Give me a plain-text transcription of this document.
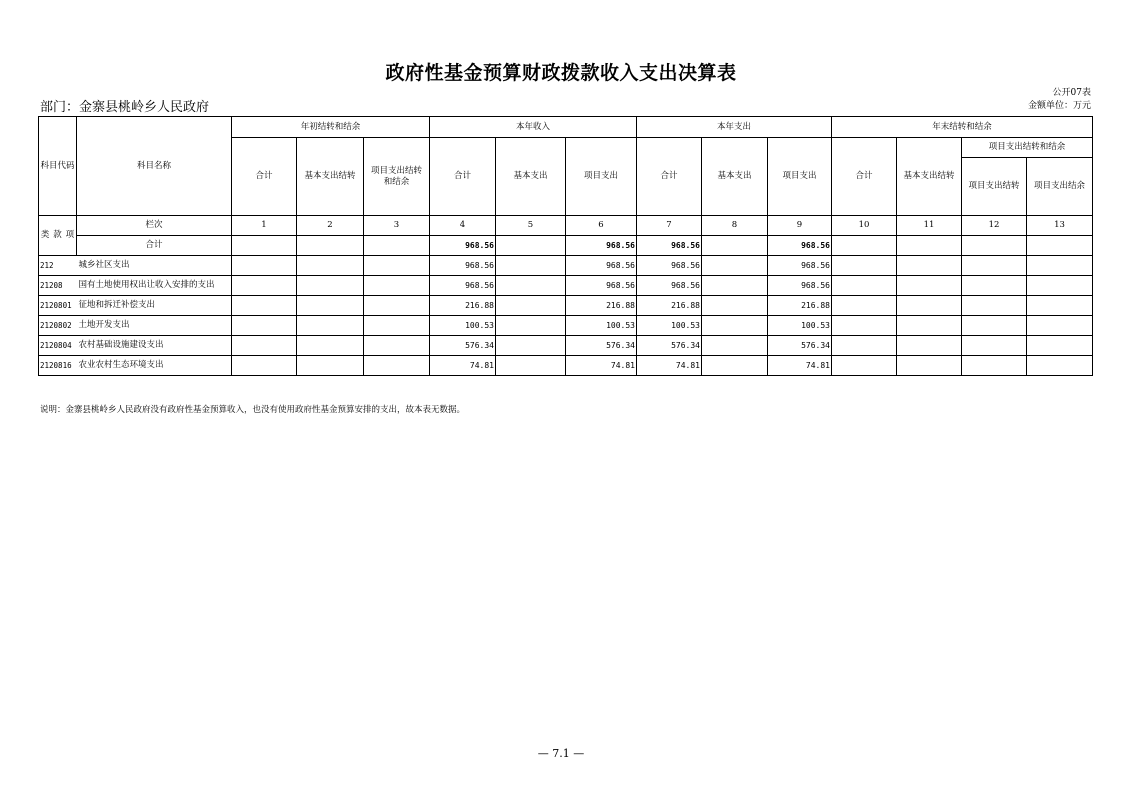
政府性基金预算财政拨款收入支出决算表
部门：金寨县桃岭乡人民政府
公开07表
金额单位：万元
科目代码	科目名称	年初结转和结余			本年收入			本年支出			年末结转和结余			
		合计	基本支出结转	项目支出结转和结余	合计	基本支出	项目支出	合计	基本支出	项目支出	合计	基本支出结转	项目支出结转和结余	
													项目支出结转	项目支出结余

类 款 项	栏次	1	2	3	4	5	6	7	8	9	10	11	12	13
	合计				968.56		968.56	968.56		968.56				
212	城乡社区支出				968.56		968.56	968.56		968.56				
21208	国有土地使用权出让收入安排的支出				968.56		968.56	968.56		968.56				
2120801	征地和拆迁补偿支出				216.88		216.88	216.88		216.88				
2120802	土地开发支出				100.53		100.53	100.53		100.53				
2120804	农村基础设施建设支出				576.34		576.34	576.34		576.34				
2120816	农业农村生态环境支出				74.81		74.81	74.81		74.81				
说明：金寨县桃岭乡人民政府没有政府性基金预算收入，也没有使用政府性基金预算安排的支出，故本表无数据。
— 7.1 —
